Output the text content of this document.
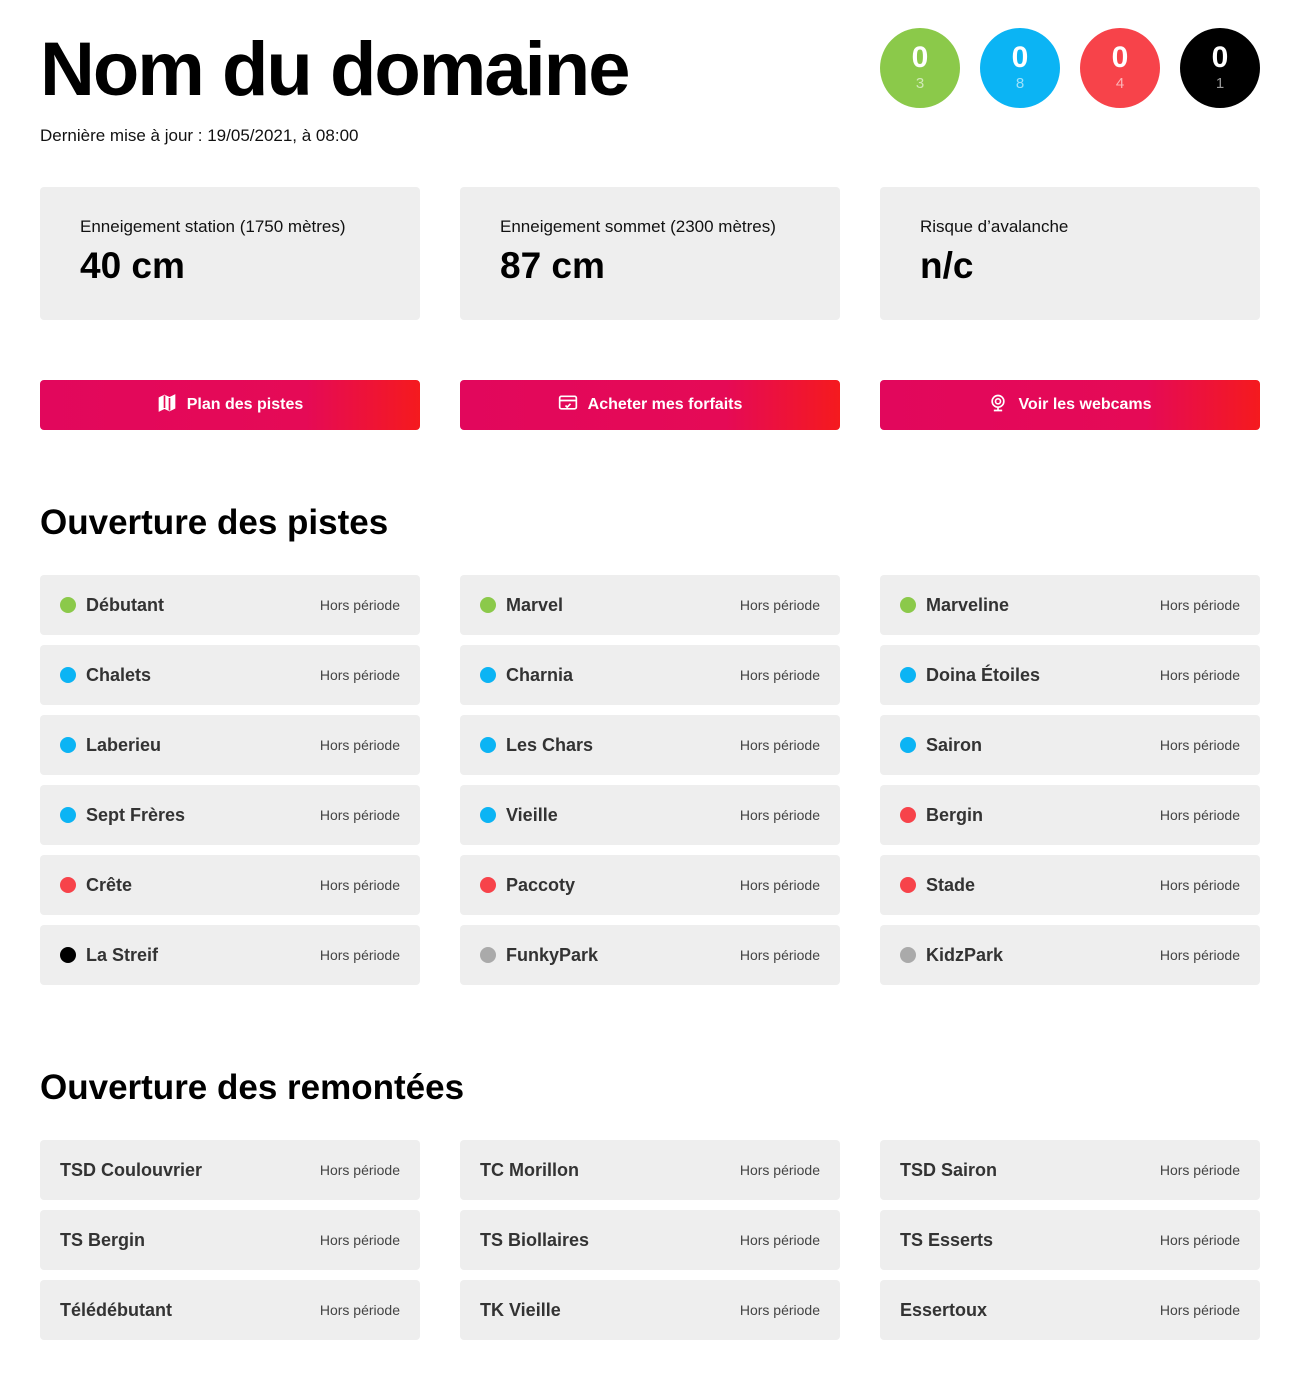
Nom du domaine
Dernière mise à jour : 19/05/2021, à 08:00
0
3
0
8
0
4
0
1
Enneigement station (1750 mètres)
40 cm
Enneigement sommet (2300 mètres)
87 cm
Risque d’avalanche
n/c
Plan des pistes	Acheter mes forfaits	Voir les webcams
Ouverture des pistes
Débutant	Hors période	Marvel	Hors période	Marveline	Hors période
Chalets	Hors période	Charnia	Hors période	Doina Étoiles	Hors période
Laberieu	Hors période	Les Chars	Hors période	Sairon	Hors période
Sept Frères	Hors période	Vieille	Hors période	Bergin	Hors période
Crête	Hors période	Paccoty	Hors période	Stade	Hors période
La Streif	Hors période	FunkyPark	Hors période	KidzPark	Hors période
Ouverture des remontées
TSD Coulouvrier	Hors période	TC Morillon	Hors période	TSD Sairon	Hors période
TS Bergin	Hors période	TS Biollaires	Hors période	TS Esserts	Hors période
Télédébutant	Hors période	TK Vieille	Hors période	Essertoux	Hors période
